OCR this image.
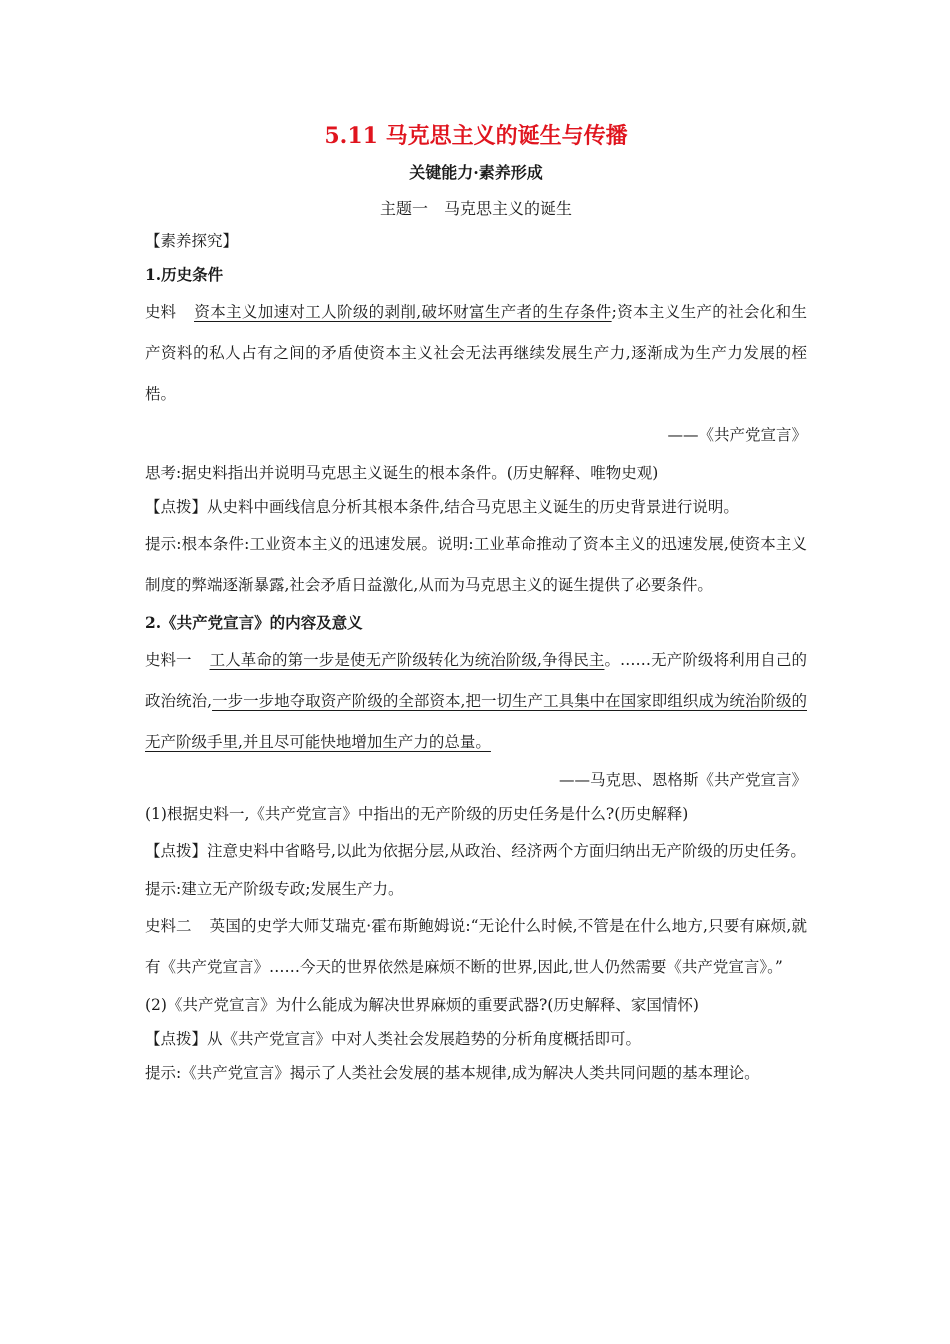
5.11 马克思主义的诞生与传播
关键能力·素养形成
主题一　马克思主义的诞生

【素养探究】

1.历史条件

史料 资本主义加速对工人阶级的剥削,破坏财富生产者的生存条件;资本主义生产的社会化和生产资料的私人占有之间的矛盾使资本主义社会无法再继续发展生产力,逐渐成为生产力发展的桎梏。

——《共产党宣言》

思考:据史料指出并说明马克思主义诞生的根本条件。(历史解释、唯物史观)

【点拨】从史料中画线信息分析其根本条件,结合马克思主义诞生的历史背景进行说明。

提示:根本条件:工业资本主义的迅速发展。说明:工业革命推动了资本主义的迅速发展,使资本主义制度的弊端逐渐暴露,社会矛盾日益激化,从而为马克思主义的诞生提供了必要条件。

2.《共产党宣言》的内容及意义

史料一 工人革命的第一步是使无产阶级转化为统治阶级,争得民主。……无产阶级将利用自己的政治统治,一步一步地夺取资产阶级的全部资本,把一切生产工具集中在国家即组织成为统治阶级的无产阶级手里,并且尽可能快地增加生产力的总量。

——马克思、恩格斯《共产党宣言》

(1)根据史料一,《共产党宣言》中指出的无产阶级的历史任务是什么?(历史解释)

【点拨】注意史料中省略号,以此为依据分层,从政治、经济两个方面归纳出无产阶级的历史任务。

提示:建立无产阶级专政;发展生产力。

史料二 英国的史学大师艾瑞克·霍布斯鲍姆说:“无论什么时候,不管是在什么地方,只要有麻烦,就有《共产党宣言》……今天的世界依然是麻烦不断的世界,因此,世人仍然需要《共产党宣言》。”

(2)《共产党宣言》为什么能成为解决世界麻烦的重要武器?(历史解释、家国情怀)

【点拨】从《共产党宣言》中对人类社会发展趋势的分析角度概括即可。

提示:《共产党宣言》揭示了人类社会发展的基本规律,成为解决人类共同问题的基本理论。
